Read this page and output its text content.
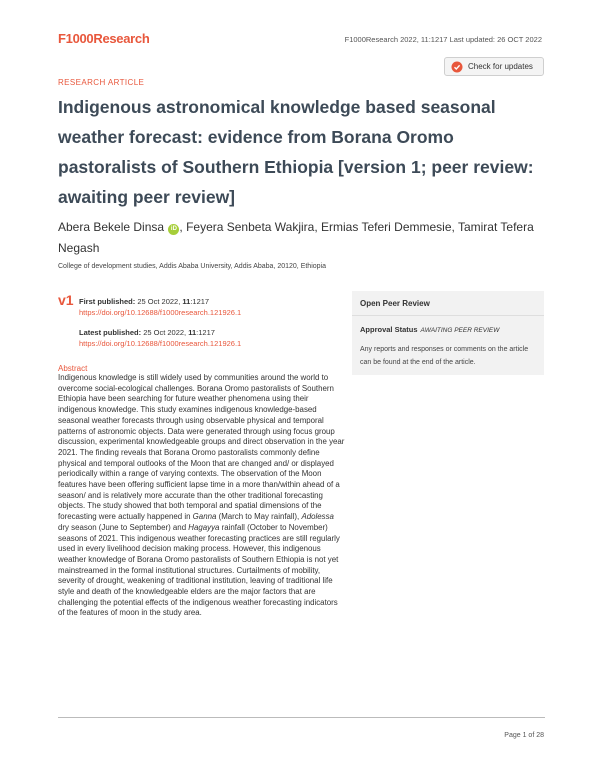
F1000Research	F1000Research 2022, 11:1217 Last updated: 26 OCT 2022
Check for updates
RESEARCH ARTICLE
Indigenous astronomical knowledge based seasonal weather forecast: evidence from Borana Oromo pastoralists of Southern Ethiopia [version 1; peer review: awaiting peer review]
Abera Bekele Dinsa iD , Feyera Senbeta Wakjira, Ermias Teferi Demmesie, Tamirat Tefera Negash
College of development studies, Addis Ababa University, Addis Ababa, 20120, Ethiopia
v1 First published: 25 Oct 2022, 11:1217
https://doi.org/10.12688/f1000research.121926.1
Latest published: 25 Oct 2022, 11:1217
https://doi.org/10.12688/f1000research.121926.1
Open Peer Review
Approval Status AWAITING PEER REVIEW
Any reports and responses or comments on the article can be found at the end of the article.
Abstract
Indigenous knowledge is still widely used by communities around the world to overcome social-ecological challenges. Borana Oromo pastoralists of Southern Ethiopia have been searching for future weather phenomena using their indigenous knowledge. This study examines indigenous knowledge-based seasonal weather forecasts through using observable physical and temporal patterns of astronomic objects. Data were generated through using focus group discussion, experimental knowledgeable groups and direct observation in the year 2021. The finding reveals that Borana Oromo pastoralists commonly define physical and temporal outlooks of the Moon that are changed and/ or displayed periodically within a range of varying contexts. The observation of the Moon features have been offering sufficient lapse time in a more than/within ahead of a season/ and is relatively more accurate than the other traditional forecasting objects. The study showed that both temporal and spatial dimensions of the forecasting were actually happened in Ganna (March to May rainfall), Adolessa dry season (June to September) and Hagayya rainfall (October to November) seasons of 2021. This indigenous weather forecasting practices are still regularly used in every livelihood decision making process. However, this indigenous weather knowledge of Borana Oromo pastoralists of Southern Ethiopia is not yet mainstreamed in the formal institutional structures. Curtailments of mobility, severity of drought, weakening of traditional institution, leaving of traditional life style and death of the knowledgeable elders are the major factors that are challenging the potential effects of the indigenous weather forecasting indicators of the features of moon in the study area.
Page 1 of 28
